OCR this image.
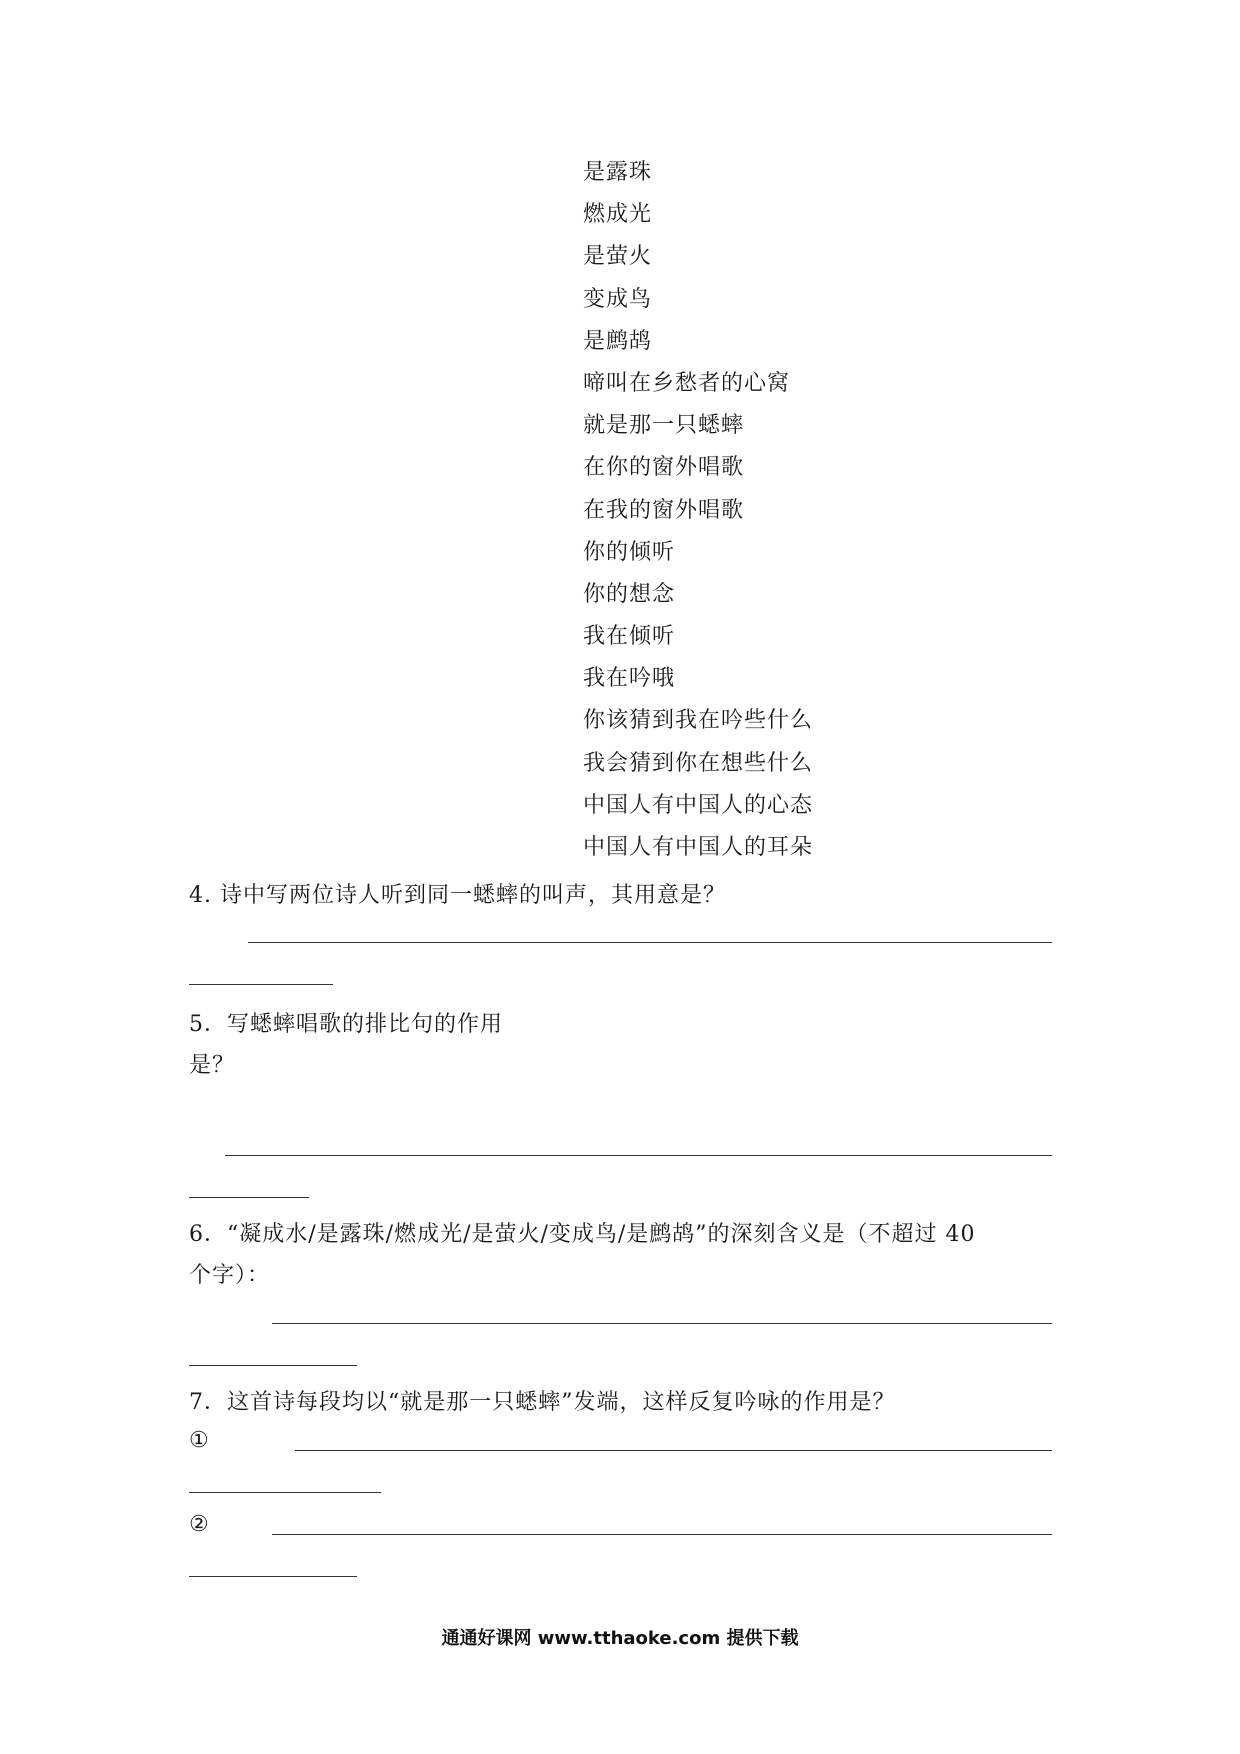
是露珠
燃成光
是萤火
变成鸟
是鹧鸪
啼叫在乡愁者的心窝
就是那一只蟋蟀
在你的窗外唱歌
在我的窗外唱歌
你的倾听
你的想念
我在倾听
我在吟哦
你该猜到我在吟些什么
我会猜到你在想些什么
中国人有中国人的心态
中国人有中国人的耳朵
4. 诗中写两位诗人听到同一蟋蟀的叫声，其用意是？
5．写蟋蟀唱歌的排比句的作用
是？
6．“凝成水/是露珠/燃成光/是萤火/变成鸟/是鹧鸪”的深刻含义是（不超过 40
个字）：
7．这首诗每段均以“就是那一只蟋蟀”发端，这样反复吟咏的作用是？
①
②
通通好课网 www.tthaoke.com 提供下载
